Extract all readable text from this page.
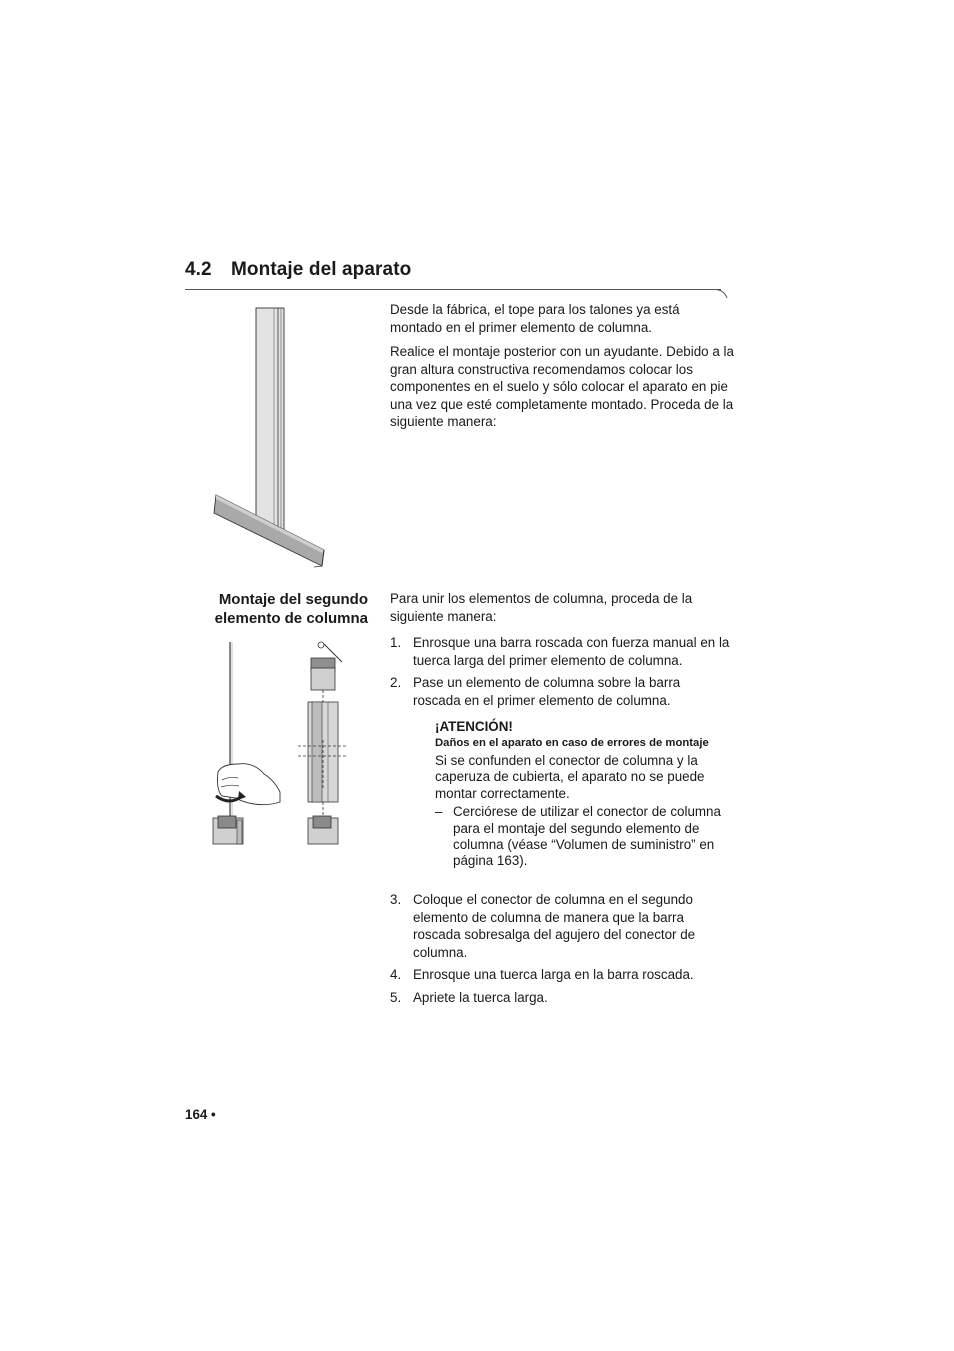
4.2 Montaje del aparato

Desde la fábrica, el tope para los talones ya está montado en el primer elemento de columna.

Realice el montaje posterior con un ayudante. Debido a la gran altura constructiva recomendamos colocar los componentes en el suelo y sólo colocar el aparato en pie una vez que esté completamente montado. Proceda de la siguiente manera:

Montaje del segundo
elemento de columna

Para unir los elementos de columna, proceda de la siguiente manera:

1. Enrosque una barra roscada con fuerza manual en la tuerca larga del primer elemento de columna.
2. Pase un elemento de columna sobre la barra roscada en el primer elemento de columna.

¡ATENCIÓN!

Daños en el aparato en caso de errores de montaje

Si se confunden el conector de columna y la caperuza de cubierta, el aparato no se puede montar correctamente.

– Cerciórese de utilizar el conector de columna para el montaje del segundo elemento de columna (véase “Volumen de suministro” en página 163).
3. Coloque el conector de columna en el segundo elemento de columna de manera que la barra roscada sobresalga del agujero del conector de columna.
4. Enrosque una tuerca larga en la barra roscada.
5. Apriete la tuerca larga.
164 •
